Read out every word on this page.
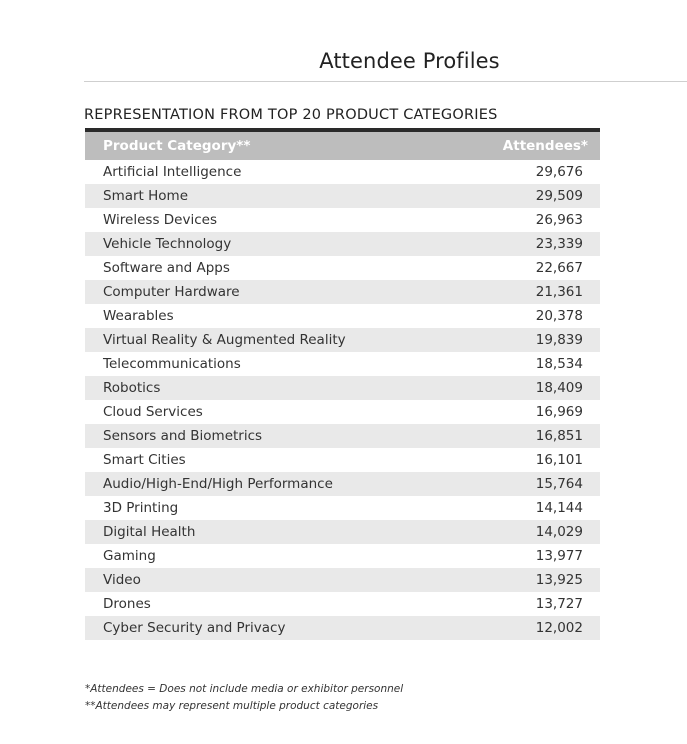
Attendee Profiles
REPRESENTATION FROM TOP 20 PRODUCT CATEGORIES
Product Category**	Attendees*
Artificial Intelligence	29,676
Smart Home	29,509
Wireless Devices	26,963
Vehicle Technology	23,339
Software and Apps	22,667
Computer Hardware	21,361
Wearables	20,378
Virtual Reality & Augmented Reality	19,839
Telecommunications	18,534
Robotics	18,409
Cloud Services	16,969
Sensors and Biometrics	16,851
Smart Cities	16,101
Audio/High-End/High Performance	15,764
3D Printing	14,144
Digital Health	14,029
Gaming	13,977
Video	13,925
Drones	13,727
Cyber Security and Privacy	12,002
*Attendees = Does not include media or exhibitor personnel
**Attendees may represent multiple product categories
